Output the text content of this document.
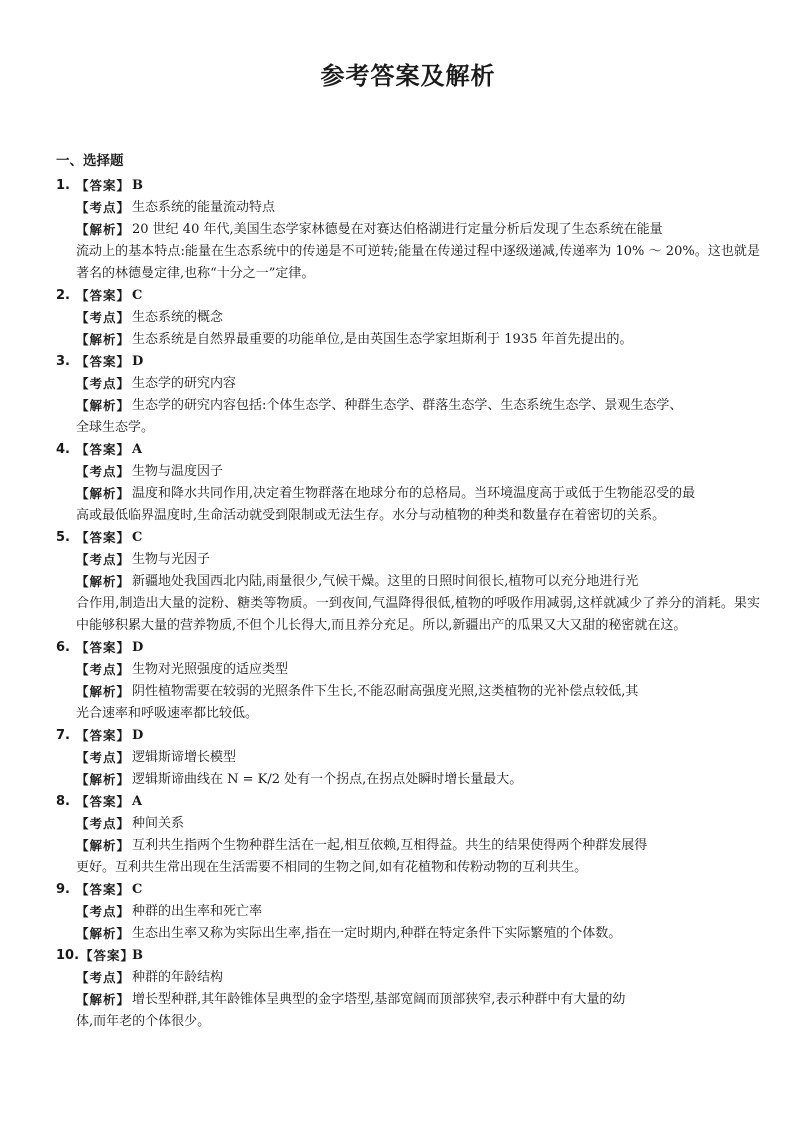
参考答案及解析
一、选择题
1. 【答案】 B
【考点】 生态系统的能量流动特点
【解析】 20 世纪 40 年代,美国生态学家林德曼在对赛达伯格湖进行定量分析后发现了生态系统在能量
流动上的基本特点:能量在生态系统中的传递是不可逆转;能量在传递过程中逐级递减,传递率为 10% ～ 20%。这也就是著名的林德曼定律,也称“十分之一”定律。
2. 【答案】 C
【考点】 生态系统的概念
【解析】 生态系统是自然界最重要的功能单位,是由英国生态学家坦斯利于 1935 年首先提出的。
3. 【答案】 D
【考点】 生态学的研究内容
【解析】 生态学的研究内容包括:个体生态学、种群生态学、群落生态学、生态系统生态学、景观生态学、
全球生态学。
4. 【答案】 A
【考点】 生物与温度因子
【解析】 温度和降水共同作用,决定着生物群落在地球分布的总格局。当环境温度高于或低于生物能忍受的最
高或最低临界温度时,生命活动就受到限制或无法生存。水分与动植物的种类和数量存在着密切的关系。
5. 【答案】 C
【考点】 生物与光因子
【解析】 新疆地处我国西北内陆,雨量很少,气候干燥。这里的日照时间很长,植物可以充分地进行光
合作用,制造出大量的淀粉、糖类等物质。一到夜间,气温降得很低,植物的呼吸作用减弱,这样就减少了养分的消耗。果实中能够积累大量的营养物质,不但个儿长得大,而且养分充足。所以,新疆出产的瓜果又大又甜的秘密就在这。
6. 【答案】 D
【考点】 生物对光照强度的适应类型
【解析】 阴性植物需要在较弱的光照条件下生长,不能忍耐高强度光照,这类植物的光补偿点较低,其
光合速率和呼吸速率都比较低。
7. 【答案】 D
【考点】 逻辑斯谛增长模型
【解析】 逻辑斯谛曲线在 N = K/2 处有一个拐点,在拐点处瞬时增长量最大。
8. 【答案】 A
【考点】 种间关系
【解析】 互利共生指两个生物种群生活在一起,相互依赖,互相得益。共生的结果使得两个种群发展得
更好。互利共生常出现在生活需要不相同的生物之间,如有花植物和传粉动物的互利共生。
9. 【答案】 C
【考点】 种群的出生率和死亡率
【解析】 生态出生率又称为实际出生率,指在一定时期内,种群在特定条件下实际繁殖的个体数。
10. 【答案】
B
【考点】 种群的年龄结构
【解析】 增长型种群,其年龄锥体呈典型的金字塔型,基部宽阔而顶部狭窄,表示种群中有大量的幼
体,而年老的个体很少。
